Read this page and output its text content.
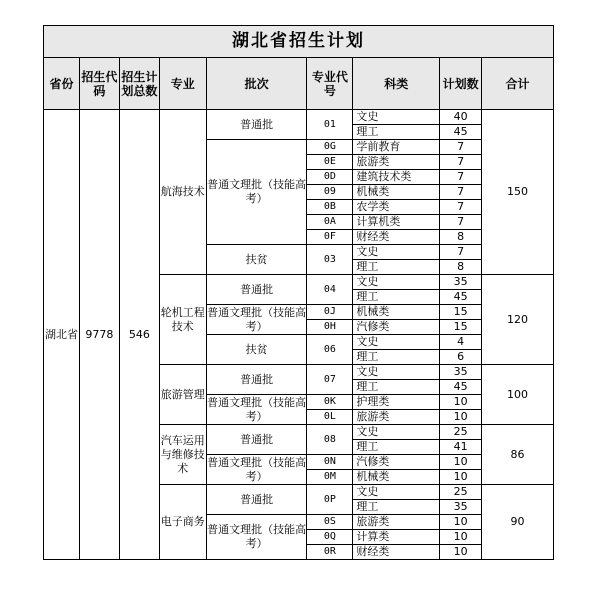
湖北省招生计划
省份	招生代码	招生计划总数	专业	批次	专业代号	科类	计划数	合计
湖北省	9778	546	航海技术	普通批	01	文史	40	150
						理工	45	
				普通文理批（技能高考）	0G	学前教育	7	
					0E	旅游类	7	
					0D	建筑技术类	7	
					09	机械类	7	
					0B	农学类	7	
					0A	计算机类	7	
					0F	财经类	8	
				扶贫	03	文史	7	
						理工	8	
			轮机工程技术	普通批	04	文史	35	120
						理工	45	
				普通文理批（技能高考）	0J	机械类	15	
					0H	汽修类	15	
				扶贫	06	文史	4	
						理工	6	
			旅游管理	普通批	07	文史	35	100
						理工	45	
				普通文理批（技能高考）	0K	护理类	10	
					0L	旅游类	10	
			汽车运用与维修技术	普通批	08	文史	25	86
						理工	41	
				普通文理批（技能高考）	0N	汽修类	10	
					0M	机械类	10	
			电子商务	普通批	0P	文史	25	90
						理工	35	
				普通文理批（技能高考）	0S	旅游类	10	
					0Q	计算类	10	
					0R	财经类	10	
